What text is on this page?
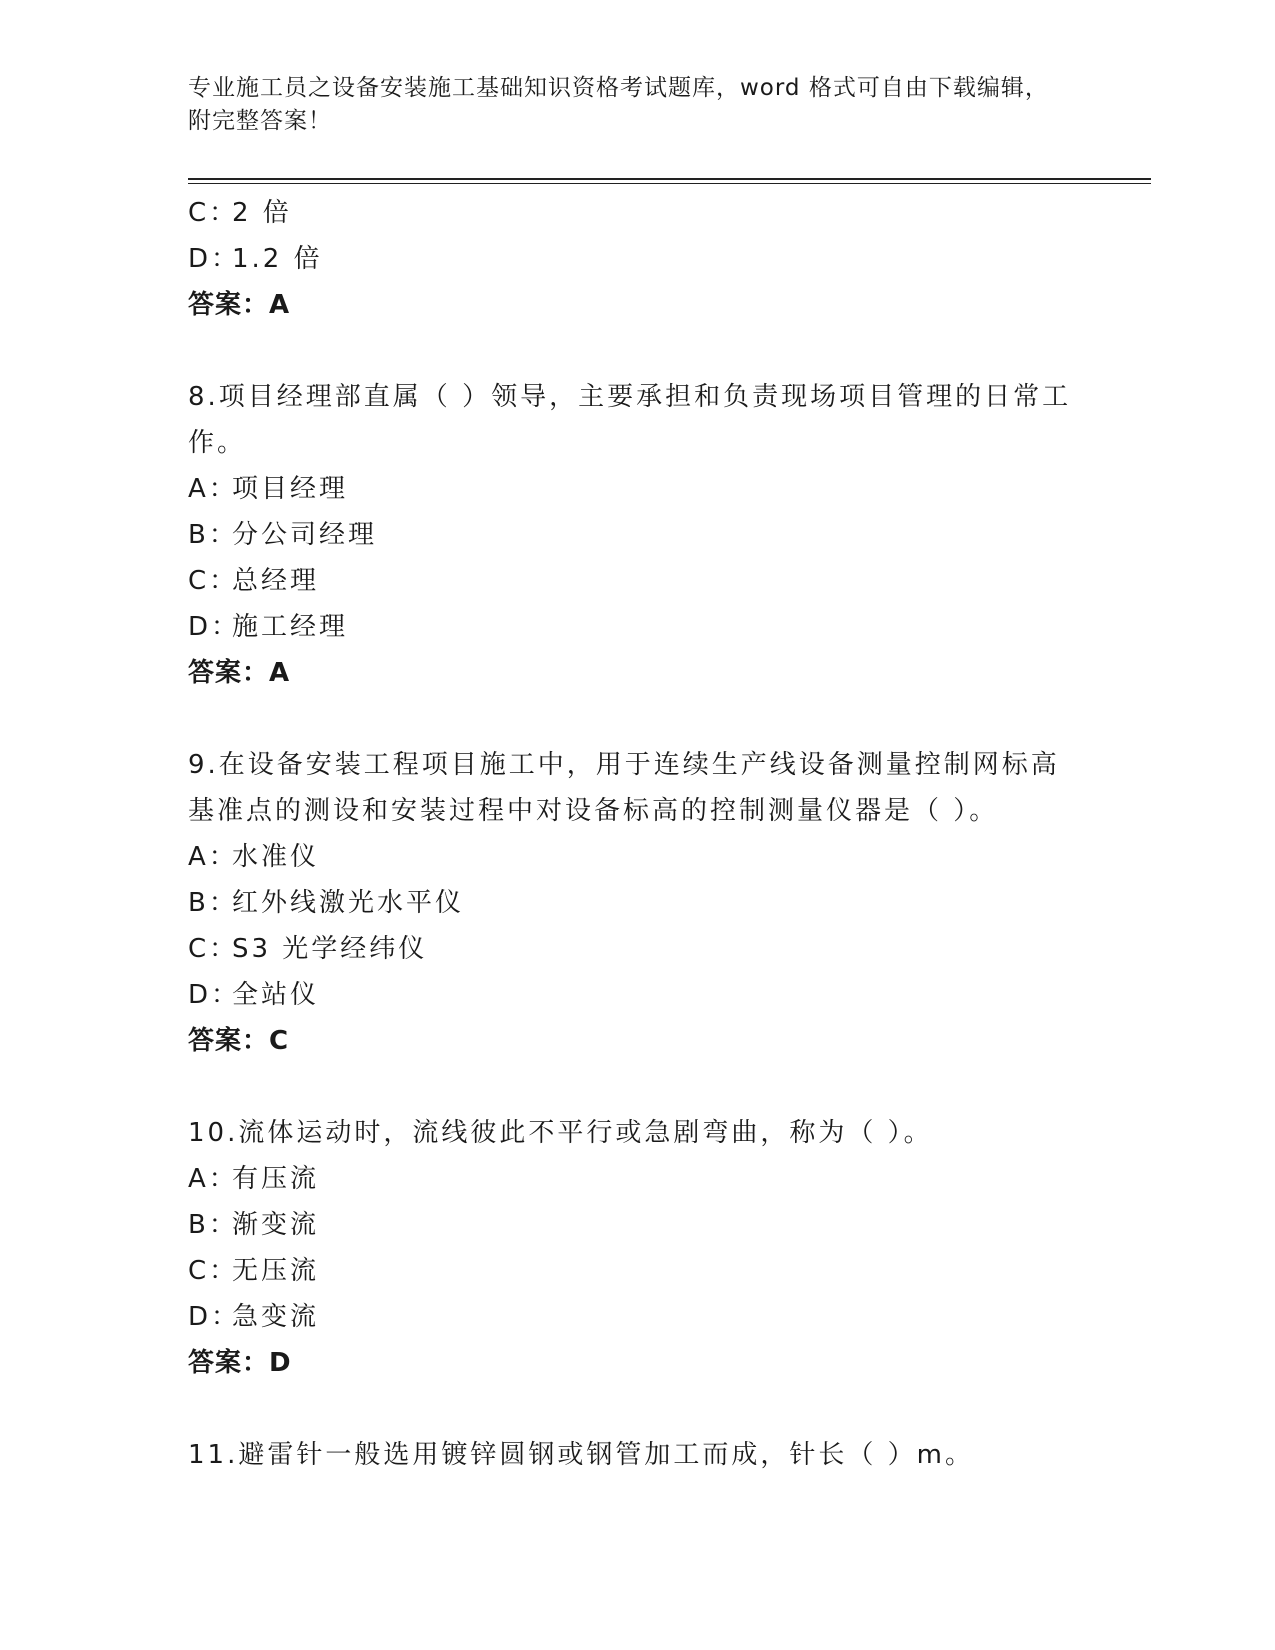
专业施工员之设备安装施工基础知识资格考试题库，word 格式可自由下载编辑，
附完整答案！
C：2 倍
D：1.2 倍
答案：A
8.项目经理部直属（ ）领导，主要承担和负责现场项目管理的日常工
作。
A：项目经理
B：分公司经理
C：总经理
D：施工经理
答案：A
9.在设备安装工程项目施工中，用于连续生产线设备测量控制网标高
基准点的测设和安装过程中对设备标高的控制测量仪器是（ ）。
A：水准仪
B：红外线激光水平仪
C：S3 光学经纬仪
D：全站仪
答案：C
10.流体运动时，流线彼此不平行或急剧弯曲，称为（ ）。
A：有压流
B：渐变流
C：无压流
D：急变流
答案：D
11.避雷针一般选用镀锌圆钢或钢管加工而成，针长（ ）m。
